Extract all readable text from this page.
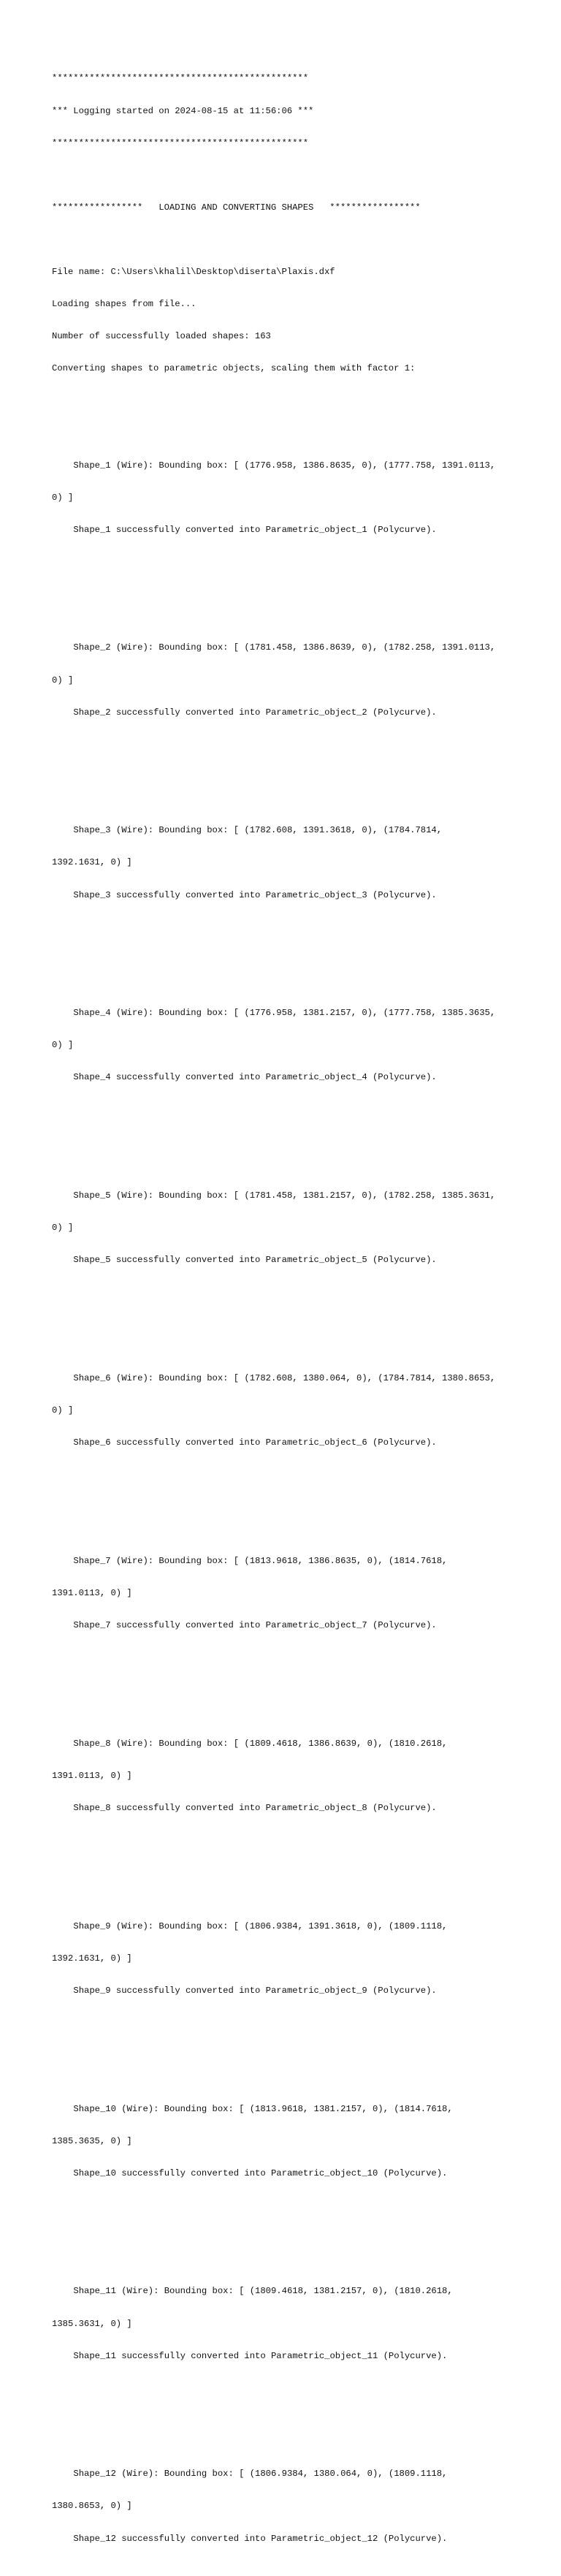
************************************************

*** Logging started on 2024-08-15 at 11:56:06 ***

************************************************

*****************   LOADING AND CONVERTING SHAPES   *****************

File name: C:\Users\khalil\Desktop\diserta\Plaxis.dxf

Loading shapes from file...

Number of successfully loaded shapes: 163

Converting shapes to parametric objects, scaling them with factor 1:

Shape_1 (Wire): Bounding box: [ (1776.958, 1386.8635, 0), (1777.758, 1391.0113,

0) ]

Shape_1 successfully converted into Parametric_object_1 (Polycurve).

Shape_2 (Wire): Bounding box: [ (1781.458, 1386.8639, 0), (1782.258, 1391.0113,

0) ]

Shape_2 successfully converted into Parametric_object_2 (Polycurve).

Shape_3 (Wire): Bounding box: [ (1782.608, 1391.3618, 0), (1784.7814,

1392.1631, 0) ]

Shape_3 successfully converted into Parametric_object_3 (Polycurve).

Shape_4 (Wire): Bounding box: [ (1776.958, 1381.2157, 0), (1777.758, 1385.3635,

0) ]

Shape_4 successfully converted into Parametric_object_4 (Polycurve).

Shape_5 (Wire): Bounding box: [ (1781.458, 1381.2157, 0), (1782.258, 1385.3631,

0) ]

Shape_5 successfully converted into Parametric_object_5 (Polycurve).

Shape_6 (Wire): Bounding box: [ (1782.608, 1380.064, 0), (1784.7814, 1380.8653,

0) ]

Shape_6 successfully converted into Parametric_object_6 (Polycurve).

Shape_7 (Wire): Bounding box: [ (1813.9618, 1386.8635, 0), (1814.7618,

1391.0113, 0) ]

Shape_7 successfully converted into Parametric_object_7 (Polycurve).

Shape_8 (Wire): Bounding box: [ (1809.4618, 1386.8639, 0), (1810.2618,

1391.0113, 0) ]

Shape_8 successfully converted into Parametric_object_8 (Polycurve).

Shape_9 (Wire): Bounding box: [ (1806.9384, 1391.3618, 0), (1809.1118,

1392.1631, 0) ]

Shape_9 successfully converted into Parametric_object_9 (Polycurve).

Shape_10 (Wire): Bounding box: [ (1813.9618, 1381.2157, 0), (1814.7618,

1385.3635, 0) ]

Shape_10 successfully converted into Parametric_object_10 (Polycurve).

Shape_11 (Wire): Bounding box: [ (1809.4618, 1381.2157, 0), (1810.2618,

1385.3631, 0) ]

Shape_11 successfully converted into Parametric_object_11 (Polycurve).

Shape_12 (Wire): Bounding box: [ (1806.9384, 1380.064, 0), (1809.1118,

1380.8653, 0) ]

Shape_12 successfully converted into Parametric_object_12 (Polycurve).
